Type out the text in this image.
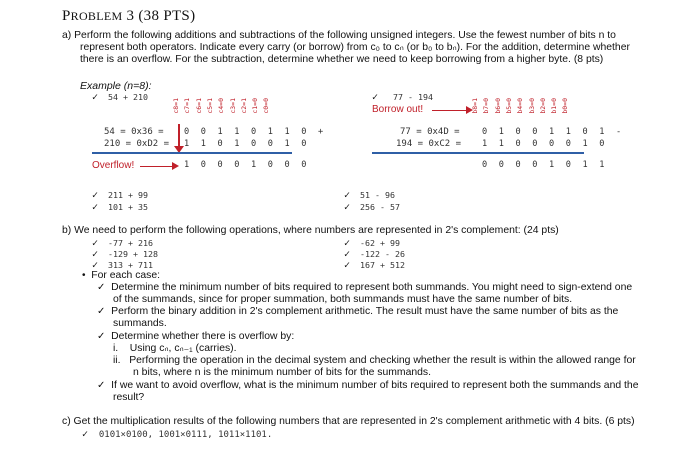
PROBLEM 3 (38 PTS)
a) Perform the following additions and subtractions of the following unsigned integers. Use the fewest number of bits n to
represent both operators. Indicate every carry (or borrow) from c₀ to cₙ (or b₀ to bₙ). For the addition, determine whether
there is an overflow. For the subtraction, determine whether we need to keep borrowing from a higher byte. (8 pts)
Example (n=8):
✓ 54 + 210	✓ 77 - 194
c8=1 c7=1 c6=1 c5=1 c4=0 c3=1 c2=1 c1=0 c0=0	b8=1 b7=0 b6=0 b5=0 b4=0 b3=0 b2=0 b1=0 b0=0
54 = 0x36 = 0 0 1 1 0 1 1 0 +
210 = 0xD2 = 1 1 0 1 0 0 1 0
Overflow!	1 0 0 0 1 0 0 0
Borrow out!
77 = 0x4D =	0 1 0 0 1 1 0 1 -
194 = 0xC2 = 1 1 0 0 0 0 1 0
0 0 0 0 1 0 1 1
✓ 211 + 99
✓ 101 + 35
✓ 51 - 96
✓ 256 - 57
b) We need to perform the following operations, where numbers are represented in 2's complement: (24 pts)
✓ -77 + 216
✓ -129 + 128
✓ 313 + 711
✓ -62 + 99
✓ -122 - 26
✓ 167 + 512
• For each case:
✓ Determine the minimum number of bits required to represent both summands. You might need to sign-extend one
of the summands, since for proper summation, both summands must have the same number of bits.
✓ Perform the binary addition in 2's complement arithmetic. The result must have the same number of bits as the
summands.
✓ Determine whether there is overflow by:
i. Using cₙ, cₙ₋₁ (carries).
ii. Performing the operation in the decimal system and checking whether the result is within the allowed range for
n bits, where n is the minimum number of bits for the summands.
✓ If we want to avoid overflow, what is the minimum number of bits required to represent both the summands and the
result?
c) Get the multiplication results of the following numbers that are represented in 2's complement arithmetic with 4 bits. (6 pts)
✓ 0101×0100, 1001×0111, 1011×1101.
